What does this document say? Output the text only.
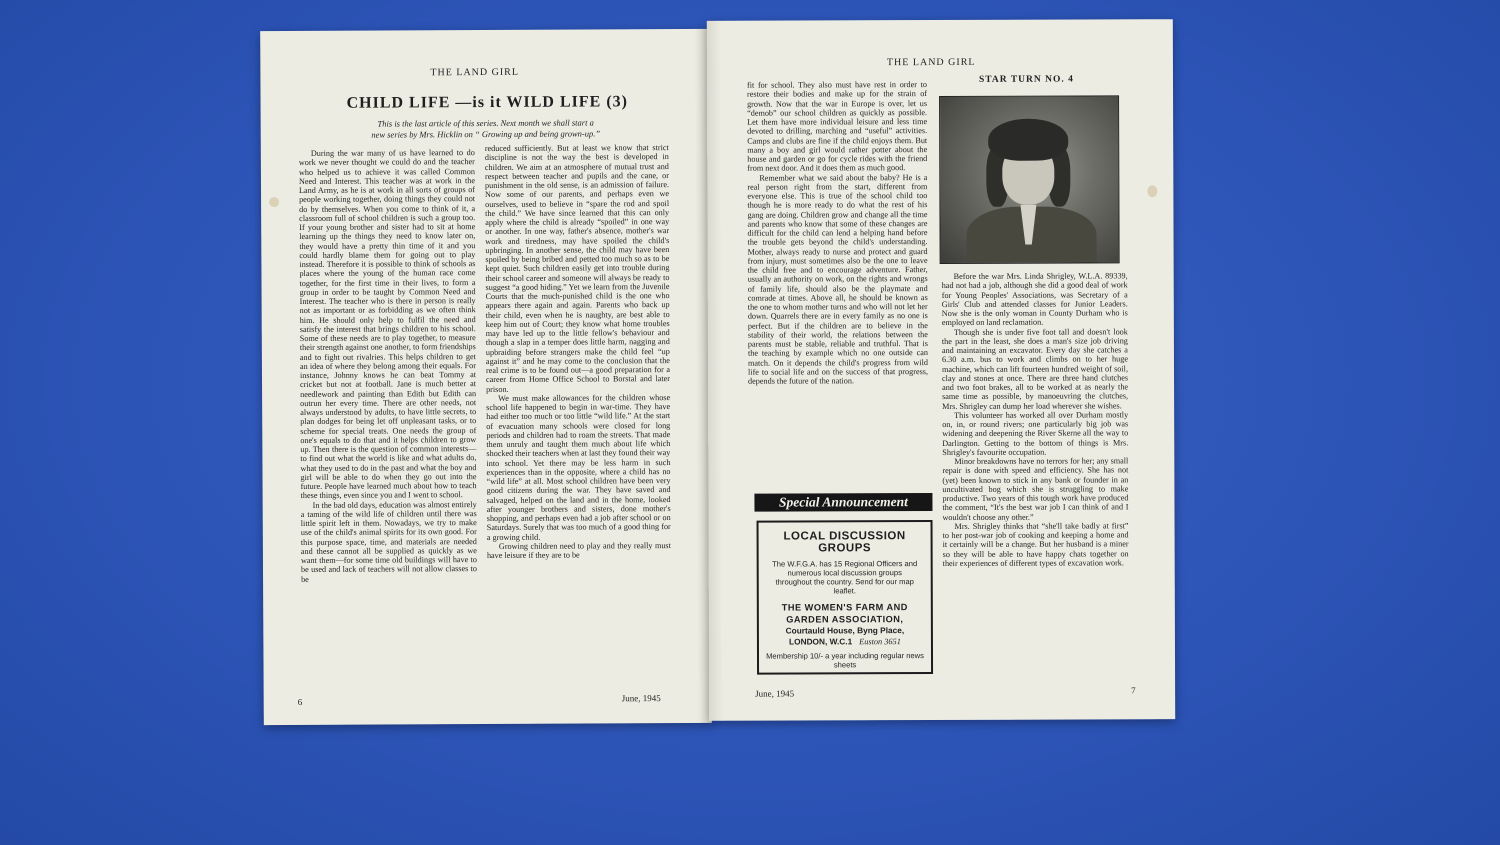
THE LAND GIRL
CHILD LIFE —is it WILD LIFE (3)
This is the last article of this series. Next month we shall start a
new series by Mrs. Hicklin on “ Growing up and being grown-up.”

During the war many of us have learned to do work we never thought we could do and the teacher who helped us to achieve it was called Common Need and Interest. This teacher was at work in the Land Army, as he is at work in all sorts of groups of people working together, doing things they could not do by themselves. When you come to think of it, a classroom full of school children is such a group too. If your young brother and sister had to sit at home learning up the things they need to know later on, they would have a pretty thin time of it and you could hardly blame them for going out to play instead. Therefore it is possible to think of schools as places where the young of the human race come together, for the first time in their lives, to form a group in order to be taught by Common Need and Interest. The teacher who is there in person is really not as important or as forbidding as we often think him. He should only help to fulfil the need and satisfy the interest that brings children to his school. Some of these needs are to play together, to measure their strength against one another, to form friendships and to fight out rivalries. This helps children to get an idea of where they belong among their equals. For instance, Johnny knows he can beat Tommy at cricket but not at football. Jane is much better at needlework and painting than Edith but Edith can outrun her every time. There are other needs, not always understood by adults, to have little secrets, to plan dodges for being let off unpleasant tasks, or to scheme for special treats. One needs the group of one's equals to do that and it helps children to grow up. Then there is the question of common interests—to find out what the world is like and what adults do, what they used to do in the past and what the boy and girl will be able to do when they go out into the future. People have learned much about how to teach these things, even since you and I went to school.

In the bad old days, education was almost entirely a taming of the wild life of children until there was little spirit left in them. Nowadays, we try to make use of the child's animal spirits for its own good. For this purpose space, time, and materials are needed and these cannot all be supplied as quickly as we want them—for some time old buildings will have to be used and lack of teachers will not allow classes to be

reduced sufficiently. But at least we know that strict discipline is not the way the best is developed in children. We aim at an atmosphere of mutual trust and respect between teacher and pupils and the cane, or punishment in the old sense, is an admission of failure. Now some of our parents, and perhaps even we ourselves, used to believe in “spare the rod and spoil the child.” We have since learned that this can only apply where the child is already “spoiled” in one way or another. In one way, father's absence, mother's war work and tiredness, may have spoiled the child's upbringing. In another sense, the child may have been spoiled by being bribed and petted too much so as to be kept quiet. Such children easily get into trouble during their school career and someone will always be ready to suggest “a good hiding.” Yet we learn from the Juvenile Courts that the much-punished child is the one who appears there again and again. Parents who back up their child, even when he is naughty, are best able to keep him out of Court; they know what home troubles may have led up to the little fellow's behaviour and though a slap in a temper does little harm, nagging and upbraiding before strangers make the child feel “up against it” and he may come to the conclusion that the real crime is to be found out—a good preparation for a career from Home Office School to Borstal and later prison.

We must make allowances for the children whose school life happened to begin in war-time. They have had either too much or too little “wild life.” At the start of evacuation many schools were closed for long periods and children had to roam the streets. That made them unruly and taught them much about life which shocked their teachers when at last they found their way into school. Yet there may be less harm in such experiences than in the opposite, where a child has no “wild life” at all. Most school children have been very good citizens during the war. They have saved and salvaged, helped on the land and in the home, looked after younger brothers and sisters, done mother's shopping, and perhaps even had a job after school or on Saturdays. Surely that was too much of a good thing for a growing child.

Growing children need to play and they really must have leisure if they are to be

6	June, 1945
THE LAND GIRL
STAR TURN NO. 4

fit for school. They also must have rest in order to restore their bodies and make up for the strain of growth. Now that the war in Europe is over, let us “demob” our school children as quickly as possible. Let them have more individual leisure and less time devoted to drilling, marching and “useful” activities. Camps and clubs are fine if the child enjoys them. But many a boy and girl would rather potter about the house and garden or go for cycle rides with the friend from next door. And it does them as much good.

Remember what we said about the baby? He is a real person right from the start, different from everyone else. This is true of the school child too though he is more ready to do what the rest of his gang are doing. Children grow and change all the time and parents who know that some of these changes are difficult for the child can lend a helping hand before the trouble gets beyond the child's understanding. Mother, always ready to nurse and protect and guard from injury, must sometimes also be the one to leave the child free and to encourage adventure. Father, usually an authority on work, on the rights and wrongs of family life, should also be the playmate and comrade at times. Above all, he should be known as the one to whom mother turns and who will not let her down. Quarrels there are in every family as no one is perfect. But if the children are to believe in the stability of their world, the relations between the parents must be stable, reliable and truthful. That is the teaching by example which no one outside can match. On it depends the child's progress from wild life to social life and on the success of that progress, depends the future of the nation.

Special Announcement
LOCAL DISCUSSION GROUPS
The W.F.G.A. has 15 Regional Officers and numerous local discussion groups throughout the country. Send for our map leaflet.
THE WOMEN'S FARM AND
GARDEN ASSOCIATION,
Courtauld House, Byng Place,
LONDON, W.C.1 Euston 3651
Membership 10/- a year including regular news sheets

Before the war Mrs. Linda Shrigley, W.L.A. 89339, had not had a job, although she did a good deal of work for Young Peoples' Associations, was Secretary of a Girls' Club and attended classes for Junior Leaders. Now she is the only woman in County Durham who is employed on land reclamation.

Though she is under five foot tall and doesn't look the part in the least, she does a man's size job driving and maintaining an excavator. Every day she catches a 6.30 a.m. bus to work and climbs on to her huge machine, which can lift fourteen hundred weight of soil, clay and stones at once. There are three hand clutches and two foot brakes, all to be worked at as nearly the same time as possible, by manoeuvring the clutches, Mrs. Shrigley can dump her load wherever she wishes.

This volunteer has worked all over Durham mostly on, in, or round rivers; one particularly big job was widening and deepening the River Skerne all the way to Darlington. Getting to the bottom of things is Mrs. Shrigley's favourite occupation.

Minor breakdowns have no terrors for her; any small repair is done with speed and efficiency. She has not (yet) been known to stick in any bank or founder in an uncultivated bog which she is struggling to make productive. Two years of this tough work have produced the comment, “It's the best war job I can think of and I wouldn't choose any other.”

Mrs. Shrigley thinks that “she'll take badly at first” to her post-war job of cooking and keeping a home and it certainly will be a change. But her husband is a miner so they will be able to have happy chats together on their experiences of different types of excavation work.

June, 1945	7
